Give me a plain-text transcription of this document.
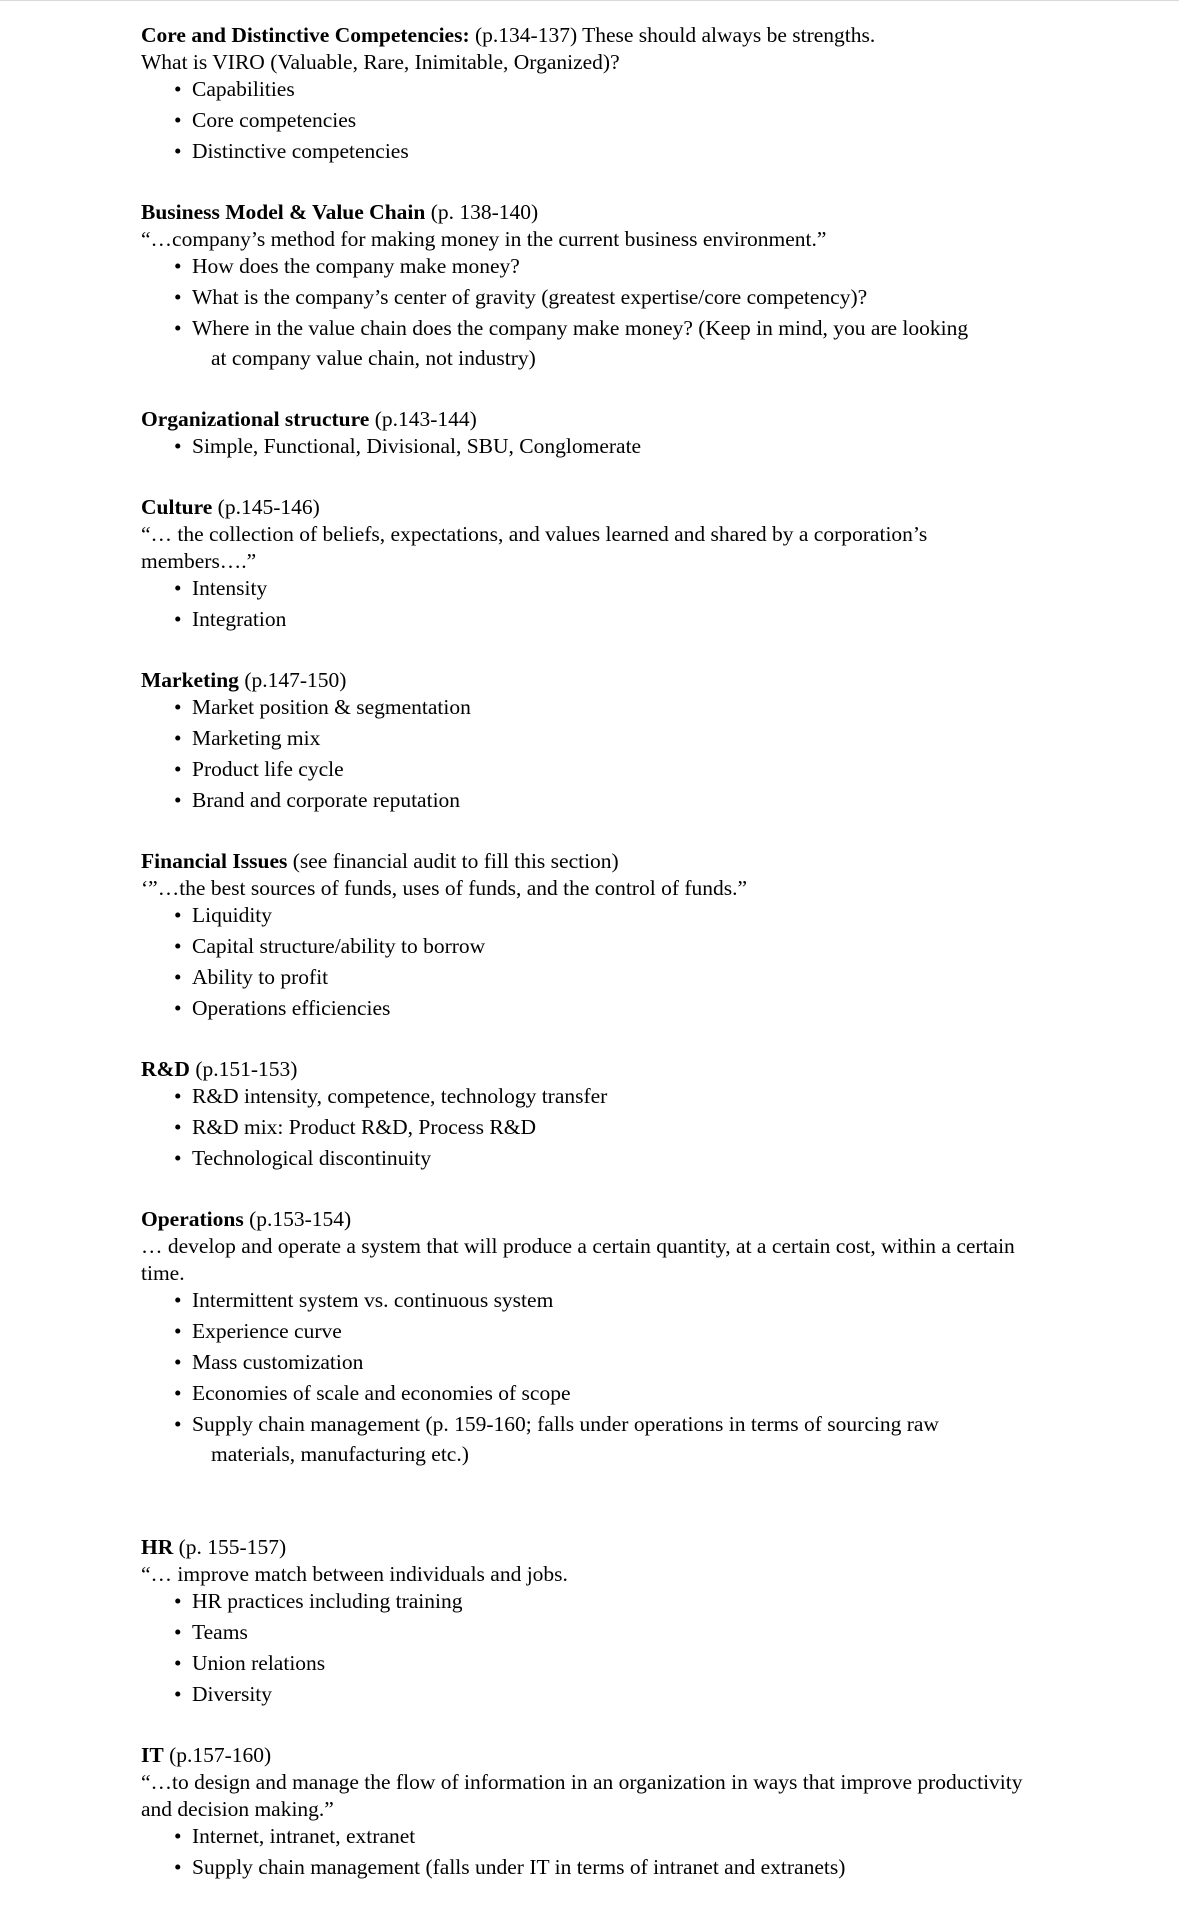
Core and Distinctive Competencies: (p.134-137) These should always be strengths.

What is VIRO (Valuable, Rare, Inimitable, Organized)?

• Capabilities
• Core competencies
• Distinctive competencies

Business Model & Value Chain (p. 138-140)

“…company’s method for making money in the current business environment.”

• How does the company make money?
• What is the company’s center of gravity (greatest expertise/core competency)?
• Where in the value chain does the company make money? (Keep in mind, you are looking
at company value chain, not industry)

Organizational structure (p.143-144)

• Simple, Functional, Divisional, SBU, Conglomerate

Culture (p.145-146)

“… the collection of beliefs, expectations, and values learned and shared by a corporation’s members….”

• Intensity
• Integration

Marketing (p.147-150)

• Market position & segmentation
• Marketing mix
• Product life cycle
• Brand and corporate reputation

Financial Issues (see financial audit to fill this section)

‘”…the best sources of funds, uses of funds, and the control of funds.”

• Liquidity
• Capital structure/ability to borrow
• Ability to profit
• Operations efficiencies

R&D (p.151-153)

• R&D intensity, competence, technology transfer
• R&D mix: Product R&D, Process R&D
• Technological discontinuity

Operations (p.153-154)

… develop and operate a system that will produce a certain quantity, at a certain cost, within a certain time.

• Intermittent system vs. continuous system
• Experience curve
• Mass customization
• Economies of scale and economies of scope
• Supply chain management (p. 159-160; falls under operations in terms of sourcing raw
materials, manufacturing etc.)

HR (p. 155-157)

“… improve match between individuals and jobs.

• HR practices including training
• Teams
• Union relations
• Diversity

IT (p.157-160)

“…to design and manage the flow of information in an organization in ways that improve productivity and decision making.”

• Internet, intranet, extranet
• Supply chain management (falls under IT in terms of intranet and extranets)
